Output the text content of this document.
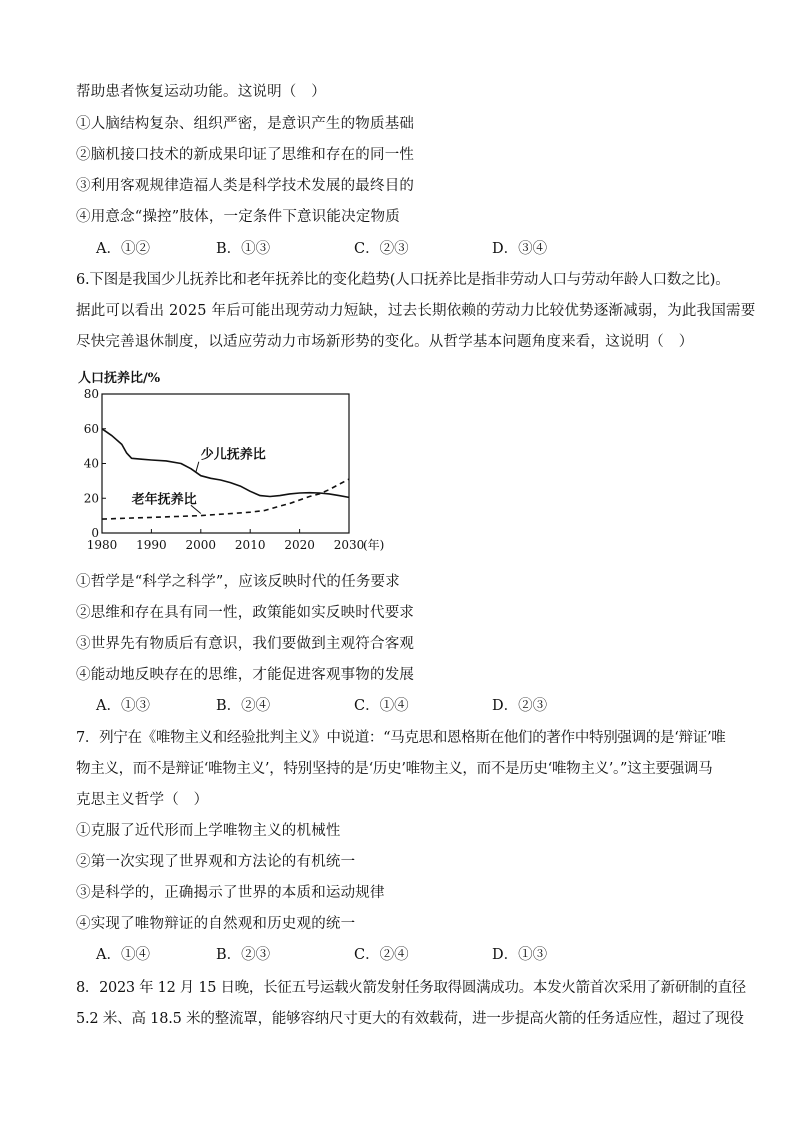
帮助患者恢复运动功能。这说明（　）
①人脑结构复杂、组织严密，是意识产生的物质基础
②脑机接口技术的新成果印证了思维和存在的同一性
③利用客观规律造福人类是科学技术发展的最终目的
④用意念“操控”肢体，一定条件下意识能决定物质
A．①②	B．①③	C．②③	D．③④
6.下图是我国少儿抚养比和老年抚养比的变化趋势(人口抚养比是指非劳动人口与劳动年龄人口数之比)。
据此可以看出 2025 年后可能出现劳动力短缺，过去长期依赖的劳动力比较优势逐渐减弱，为此我国需要
尽快完善退休制度，以适应劳动力市场新形势的变化。从哲学基本问题角度来看，这说明（　）
人口抚养比/%
0
20
40
60
80
1980 1990 2000 2010 2020 2030
(年)
少儿抚养比
老年抚养比
①哲学是“科学之科学”，应该反映时代的任务要求
②思维和存在具有同一性，政策能如实反映时代要求
③世界先有物质后有意识，我们要做到主观符合客观
④能动地反映存在的思维，才能促进客观事物的发展
A．①③	B．②④	C．①④	D．②③
7．列宁在《唯物主义和经验批判主义》中说道：“马克思和恩格斯在他们的著作中特别强调的是‘辩证’唯
物主义，而不是辩证‘唯物主义’，特别坚持的是‘历史’唯物主义，而不是历史‘唯物主义’。”这主要强调马
克思主义哲学（　）
①克服了近代形而上学唯物主义的机械性
②第一次实现了世界观和方法论的有机统一
③是科学的，正确揭示了世界的本质和运动规律
④实现了唯物辩证的自然观和历史观的统一
A．①④	B．②③	C．②④	D．①③
8．2023 年 12 月 15 日晚，长征五号运载火箭发射任务取得圆满成功。本发火箭首次采用了新研制的直径
5.2 米、高 18.5 米的整流罩，能够容纳尺寸更大的有效载荷，进一步提高火箭的任务适应性，超过了现役
